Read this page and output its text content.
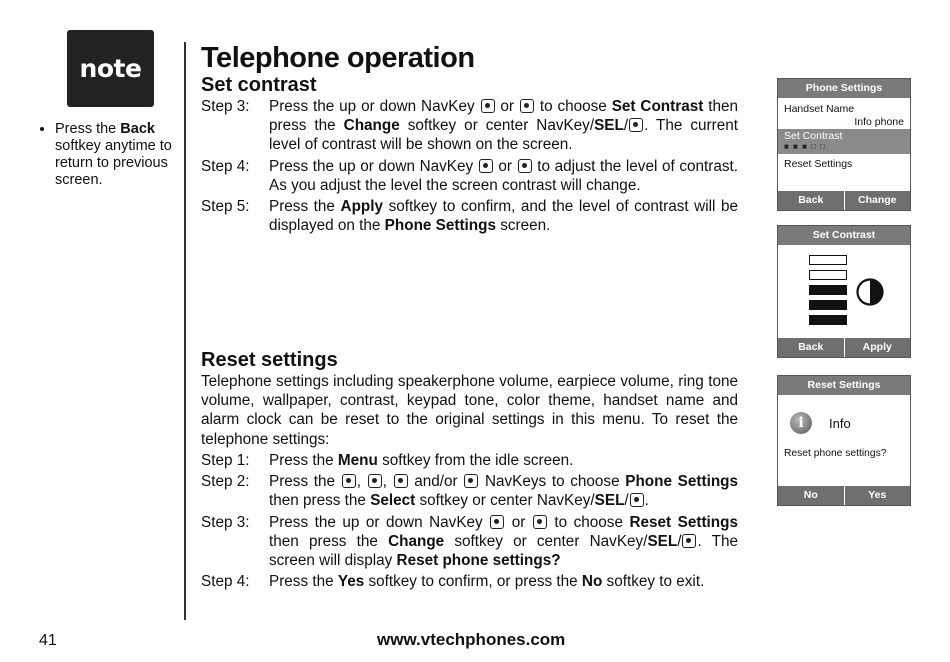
note
• Press the Back softkey anytime to return to previous screen.
Telephone operation
Set contrast
Step 3:	Press the up or down NavKey  or  to choose Set Contrast then press the Change softkey or center NavKey/SEL/ . The current level of contrast will be shown on the screen.
Step 4:	Press the up or down NavKey  or  to adjust the level of contrast. As you adjust the level the screen contrast will change.
Step 5:	Press the Apply softkey to confirm, and the level of contrast will be displayed on the Phone Settings screen.
Reset settings
Telephone settings including speakerphone volume, earpiece volume, ring tone volume, wallpaper, contrast, keypad tone, color theme, handset name and alarm clock can be reset to the original settings in this menu. To reset the telephone settings:
Step 1:	Press the Menu softkey from the idle screen.
Step 2:	Press the , ,  and/or  NavKeys to choose Phone Settings then press the Select softkey or center NavKey/SEL/ .
Step 3:	Press the up or down NavKey  or  to choose Reset Settings then press the Change softkey or center NavKey/SEL/ . The screen will display Reset phone settings?
Step 4:	Press the Yes softkey to confirm, or press the No softkey to exit.
Phone Settings
Handset Name
Info phone
Set Contrast
■ ■ ■ □ □
Reset Settings
Back	Change
Set Contrast
Back	Apply
Reset Settings
i	Info
Reset phone settings?
No	Yes
41	www.vtechphones.com
